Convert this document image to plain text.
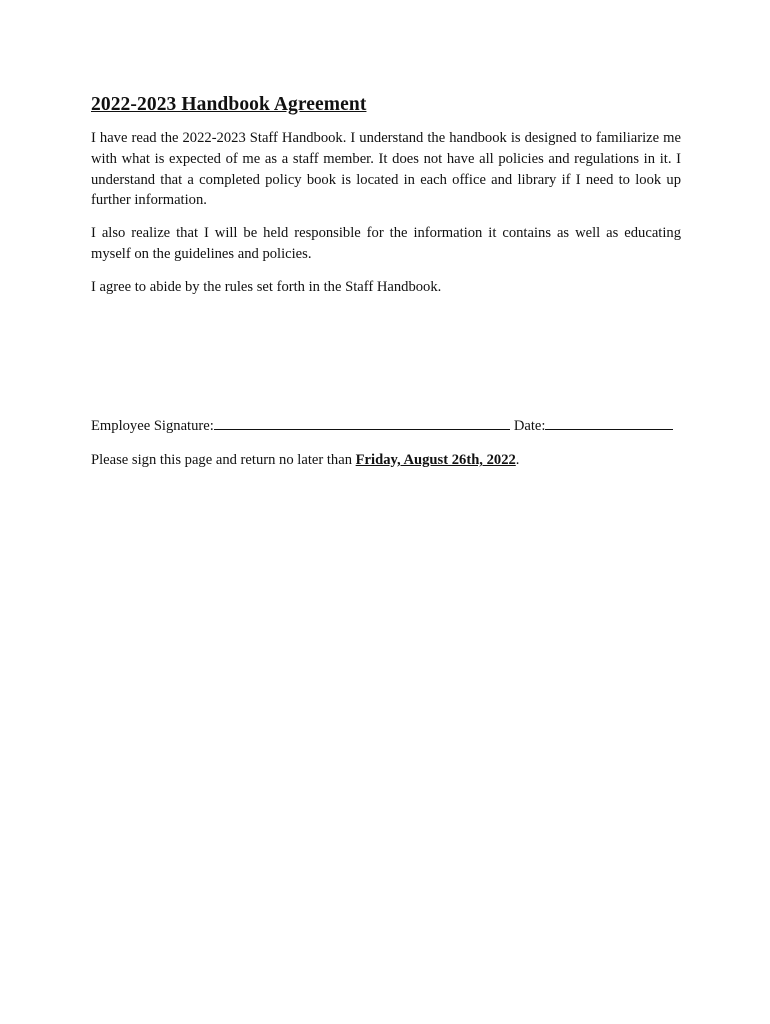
2022-2023 Handbook Agreement

I have read the 2022-2023 Staff Handbook. I understand the handbook is designed to familiarize me with what is expected of me as a staff member. It does not have all policies and regulations in it. I understand that a completed policy book is located in each office and library if I need to look up further information.

I also realize that I will be held responsible for the information it contains as well as educating myself on the guidelines and policies.

I agree to abide by the rules set forth in the Staff Handbook.

Employee Signature:	Date:
Please sign this page and return no later than Friday, August 26th, 2022.
